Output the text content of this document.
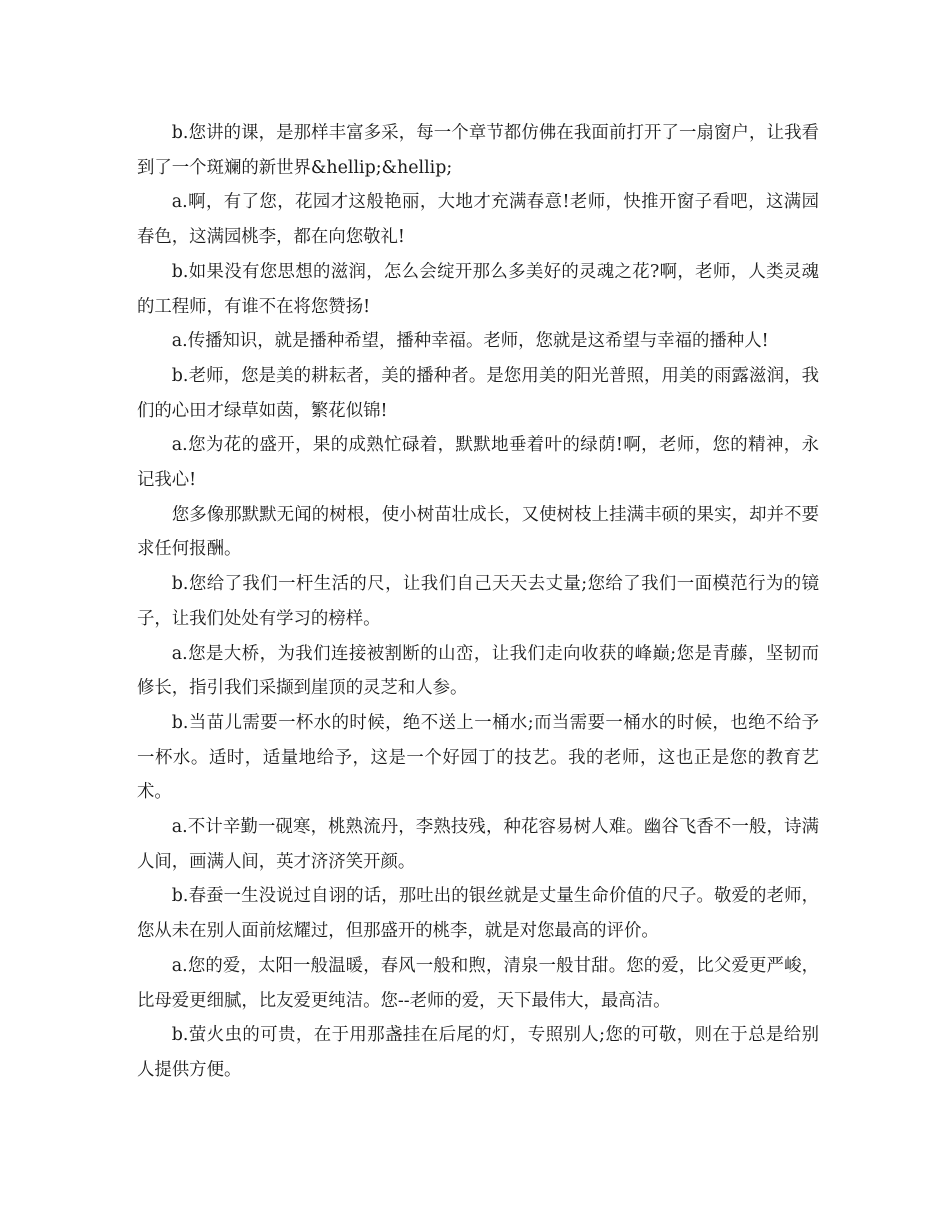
b.您讲的课，是那样丰富多采，每一个章节都仿佛在我面前打开了一扇窗户，让我看到了一个斑斓的新世界&hellip;&hellip;

a.啊，有了您，花园才这般艳丽，大地才充满春意!老师，快推开窗子看吧，这满园春色，这满园桃李，都在向您敬礼!

b.如果没有您思想的滋润，怎么会绽开那么多美好的灵魂之花?啊，老师，人类灵魂的工程师，有谁不在将您赞扬!

a.传播知识，就是播种希望，播种幸福。老师，您就是这希望与幸福的播种人!

b.老师，您是美的耕耘者，美的播种者。是您用美的阳光普照，用美的雨露滋润，我们的心田才绿草如茵，繁花似锦!

a.您为花的盛开，果的成熟忙碌着，默默地垂着叶的绿荫!啊，老师，您的精神，永记我心!

您多像那默默无闻的树根，使小树苗壮成长，又使树枝上挂满丰硕的果实，却并不要求任何报酬。

b.您给了我们一杆生活的尺，让我们自己天天去丈量;您给了我们一面模范行为的镜子，让我们处处有学习的榜样。

a.您是大桥，为我们连接被割断的山峦，让我们走向收获的峰巅;您是青藤，坚韧而修长，指引我们采撷到崖顶的灵芝和人参。

b.当苗儿需要一杯水的时候，绝不送上一桶水;而当需要一桶水的时候，也绝不给予一杯水。适时，适量地给予，这是一个好园丁的技艺。我的老师，这也正是您的教育艺术。

a.不计辛勤一砚寒，桃熟流丹，李熟技残，种花容易树人难。幽谷飞香不一般，诗满人间，画满人间，英才济济笑开颜。

b.春蚕一生没说过自诩的话，那吐出的银丝就是丈量生命价值的尺子。敬爱的老师，您从未在别人面前炫耀过，但那盛开的桃李，就是对您最高的评价。

a.您的爱，太阳一般温暖，春风一般和煦，清泉一般甘甜。您的爱，比父爱更严峻，比母爱更细腻，比友爱更纯洁。您--老师的爱，天下最伟大，最高洁。

b.萤火虫的可贵，在于用那盏挂在后尾的灯，专照别人;您的可敬，则在于总是给别人提供方便。
